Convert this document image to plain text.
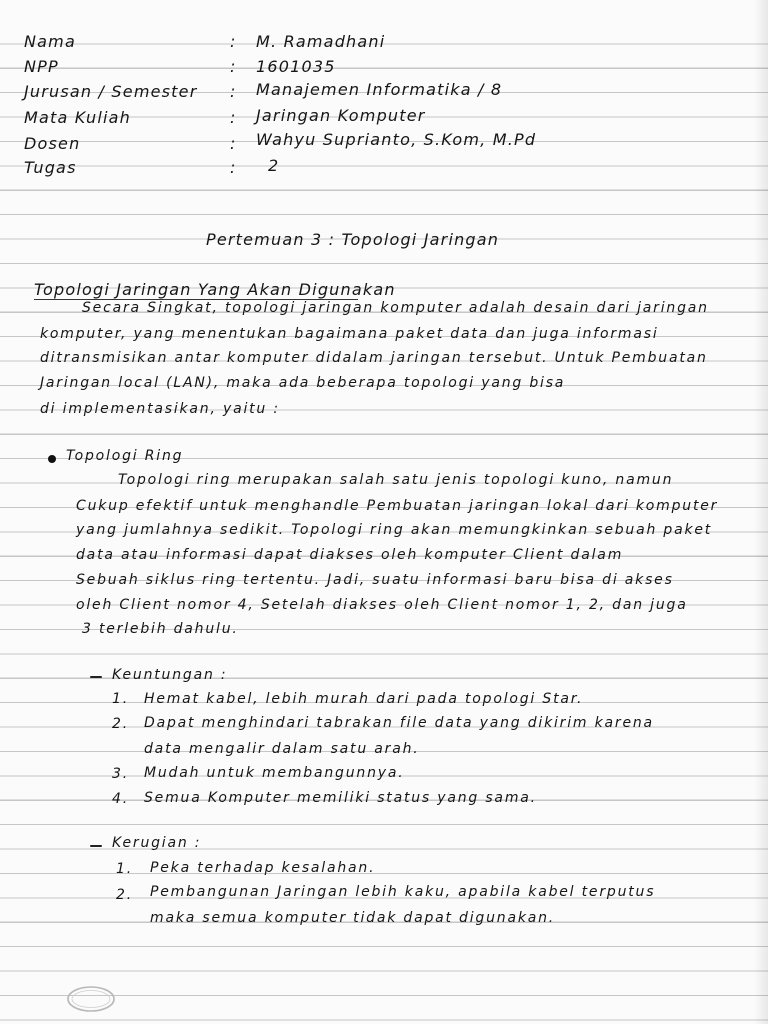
Nama	: M. Ramadhani
NPP	: 1601035
Jurusan / Semester : Manajemen Informatika / 8
Mata Kuliah	: Jaringan Komputer
Dosen	: Wahyu Suprianto, S.Kom, M.Pd
Tugas	: 2
Pertemuan 3 : Topologi Jaringan
Topologi Jaringan Yang Akan Digunakan
Secara Singkat, topologi jaringan komputer adalah desain dari jaringan
komputer, yang menentukan bagaimana paket data dan juga informasi
ditransmisikan antar komputer didalam jaringan tersebut. Untuk Pembuatan
Jaringan local (LAN), maka ada beberapa topologi yang bisa
di implementasikan, yaitu :
Topologi Ring
Topologi ring merupakan salah satu jenis topologi kuno, namun
Cukup efektif untuk menghandle Pembuatan jaringan lokal dari komputer
yang jumlahnya sedikit. Topologi ring akan memungkinkan sebuah paket
data atau informasi dapat diakses oleh komputer Client dalam
Sebuah siklus ring tertentu. Jadi, suatu informasi baru bisa di akses
oleh Client nomor 4, Setelah diakses oleh Client nomor 1, 2, dan juga
3 terlebih dahulu.
Keuntungan :
1. Hemat kabel, lebih murah dari pada topologi Star.
2. Dapat menghindari tabrakan file data yang dikirim karena
data mengalir dalam satu arah.
3. Mudah untuk membangunnya.
4. Semua Komputer memiliki status yang sama.
Kerugian :
1. Peka terhadap kesalahan.
2. Pembangunan Jaringan lebih kaku, apabila kabel terputus
maka semua komputer tidak dapat digunakan.
